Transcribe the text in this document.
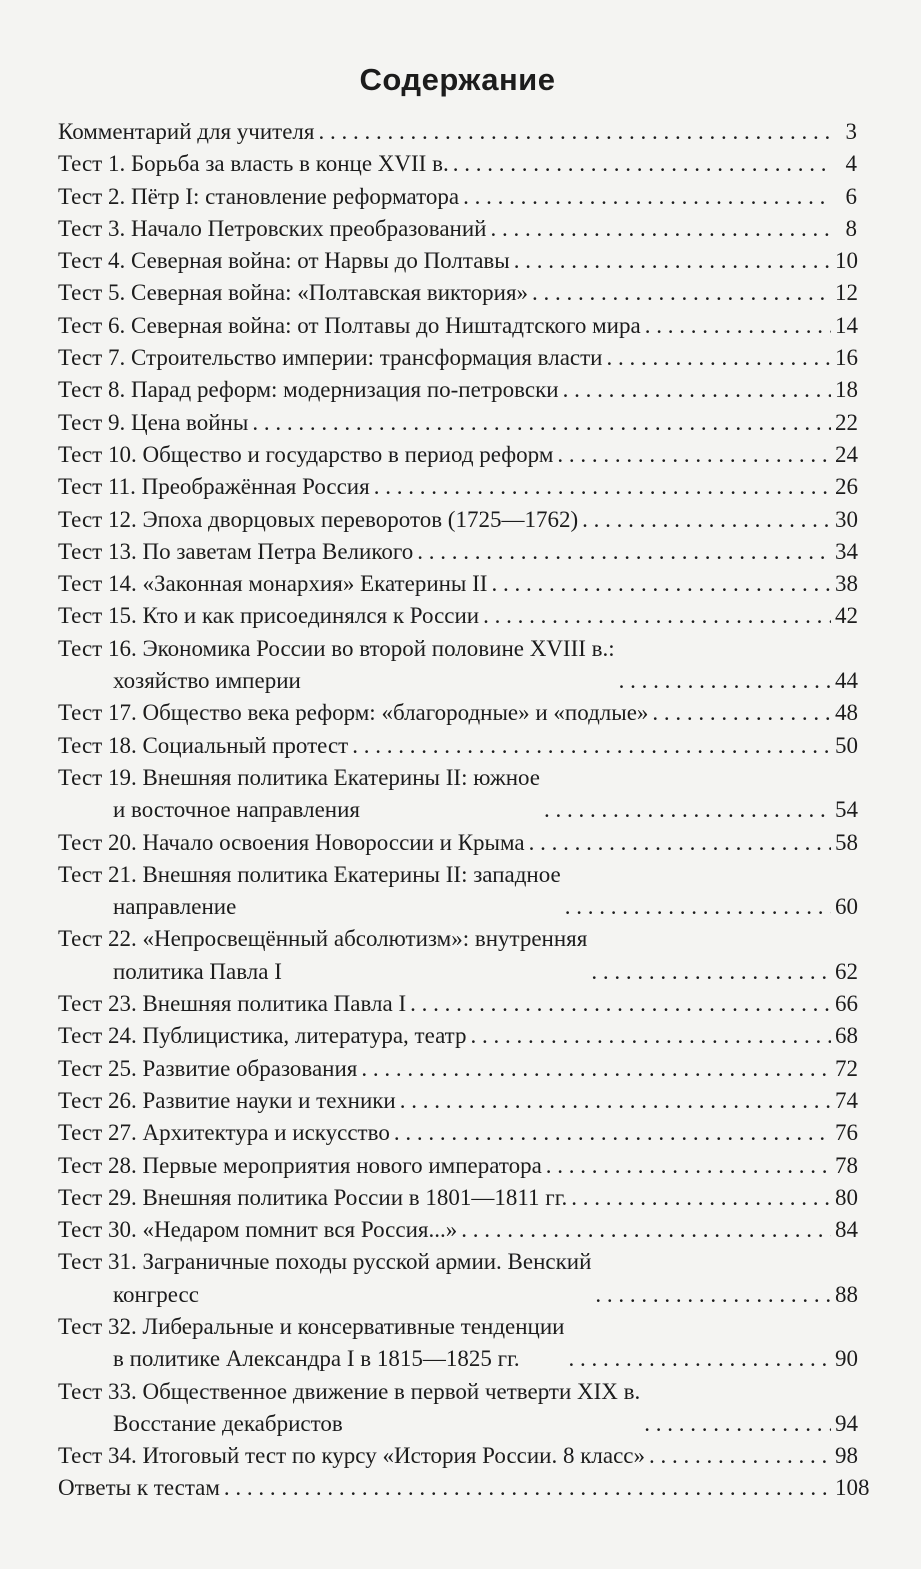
Содержание
Комментарий для учителя . . .	3
Тест 1. Борьба за власть в конце XVII в. . . .	4
Тест 2. Пётр I: становление реформатора . . .	6
Тест 3. Начало Петровских преобразований . . .	8
Тест 4. Северная война: от Нарвы до Полтавы . . .	10
Тест 5. Северная война: «Полтавская виктория» . . .	12
Тест 6. Северная война: от Полтавы до Ништадтского мира . . .	14
Тест 7. Строительство империи: трансформация власти . . .	16
Тест 8. Парад реформ: модернизация по-петровски . . .	18
Тест 9. Цена войны . . .	22
Тест 10. Общество и государство в период реформ . . .	24
Тест 11. Преображённая Россия . . .	26
Тест 12. Эпоха дворцовых переворотов (1725—1762) . . .	30
Тест 13. По заветам Петра Великого . . .	34
Тест 14. «Законная монархия» Екатерины II . . .	38
Тест 15. Кто и как присоединялся к России . . .	42
Тест 16. Экономика России во второй половине XVIII в.:
хозяйство империи . . .	44
Тест 17. Общество века реформ: «благородные» и «подлые» . . .	48
Тест 18. Социальный протест . . .	50
Тест 19. Внешняя политика Екатерины II: южное
и восточное направления . . .	54
Тест 20. Начало освоения Новороссии и Крыма . . .	58
Тест 21. Внешняя политика Екатерины II: западное
направление . . .	60
Тест 22. «Непросвещённый абсолютизм»: внутренняя
политика Павла I . . .	62
Тест 23. Внешняя политика Павла I . . .	66
Тест 24. Публицистика, литература, театр . . .	68
Тест 25. Развитие образования . . .	72
Тест 26. Развитие науки и техники . . .	74
Тест 27. Архитектура и искусство . . .	76
Тест 28. Первые мероприятия нового императора . . .	78
Тест 29. Внешняя политика России в 1801—1811 гг. . . .	80
Тест 30. «Недаром помнит вся Россия...» . . .	84
Тест 31. Заграничные походы русской армии. Венский
конгресс . . .	88
Тест 32. Либеральные и консервативные тенденции
в политике Александра I в 1815—1825 гг. . . .	90
Тест 33. Общественное движение в первой четверти XIX в.
Восстание декабристов . . .	94
Тест 34. Итоговый тест по курсу «История России. 8 класс» . . .	98
Ответы к тестам . . .	108
